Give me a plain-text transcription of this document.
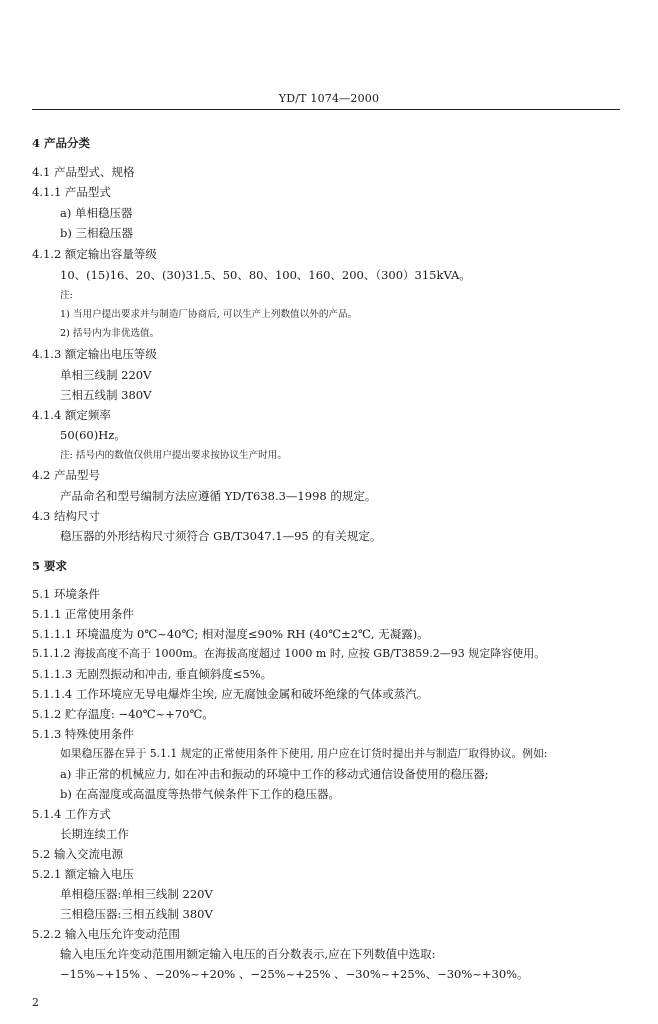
YD/T 1074—2000
4 产品分类
4.1 产品型式、规格
4.1.1 产品型式
a) 单相稳压器
b) 三相稳压器
4.1.2 额定输出容量等级
10、(15)16、20、(30)31.5、50、80、100、160、200、（300）315kVA。
注:
1) 当用户提出要求并与制造厂协商后, 可以生产上列数值以外的产品。
2) 括号内为非优选值。
4.1.3 额定输出电压等级
单相三线制 220V
三相五线制 380V
4.1.4 额定频率
50(60)Hz。
注: 括号内的数值仅供用户提出要求按协议生产时用。
4.2 产品型号
产品命名和型号编制方法应遵循 YD/T638.3—1998 的规定。
4.3 结构尺寸
稳压器的外形结构尺寸须符合 GB/T3047.1—95 的有关规定。
5 要求
5.1 环境条件
5.1.1 正常使用条件
5.1.1.1 环境温度为 0℃~40℃; 相对湿度≤90% RH (40℃±2℃, 无凝露)。
5.1.1.2 海拔高度不高于 1000m。在海拔高度超过 1000 m 时, 应按 GB/T3859.2—93 规定降容使用。
5.1.1.3 无剧烈振动和冲击, 垂直倾斜度≤5%。
5.1.1.4 工作环境应无导电爆炸尘埃, 应无腐蚀金属和破坏绝缘的气体或蒸汽。
5.1.2 贮存温度: −40℃~+70℃。
5.1.3 特殊使用条件
如果稳压器在异于 5.1.1 规定的正常使用条件下使用, 用户应在订货时提出并与制造厂取得协议。例如:
a) 非正常的机械应力, 如在冲击和振动的环境中工作的移动式通信设备使用的稳压器;
b) 在高湿度或高温度等热带气候条件下工作的稳压器。
5.1.4 工作方式
长期连续工作
5.2 输入交流电源
5.2.1 额定输入电压
单相稳压器:单相三线制 220V
三相稳压器:三相五线制 380V
5.2.2 输入电压允许变动范围
输入电压允许变动范围用额定输入电压的百分数表示,应在下列数值中选取:
−15%~+15% 、−20%~+20% 、−25%~+25% 、−30%~+25%、−30%~+30%。
2
